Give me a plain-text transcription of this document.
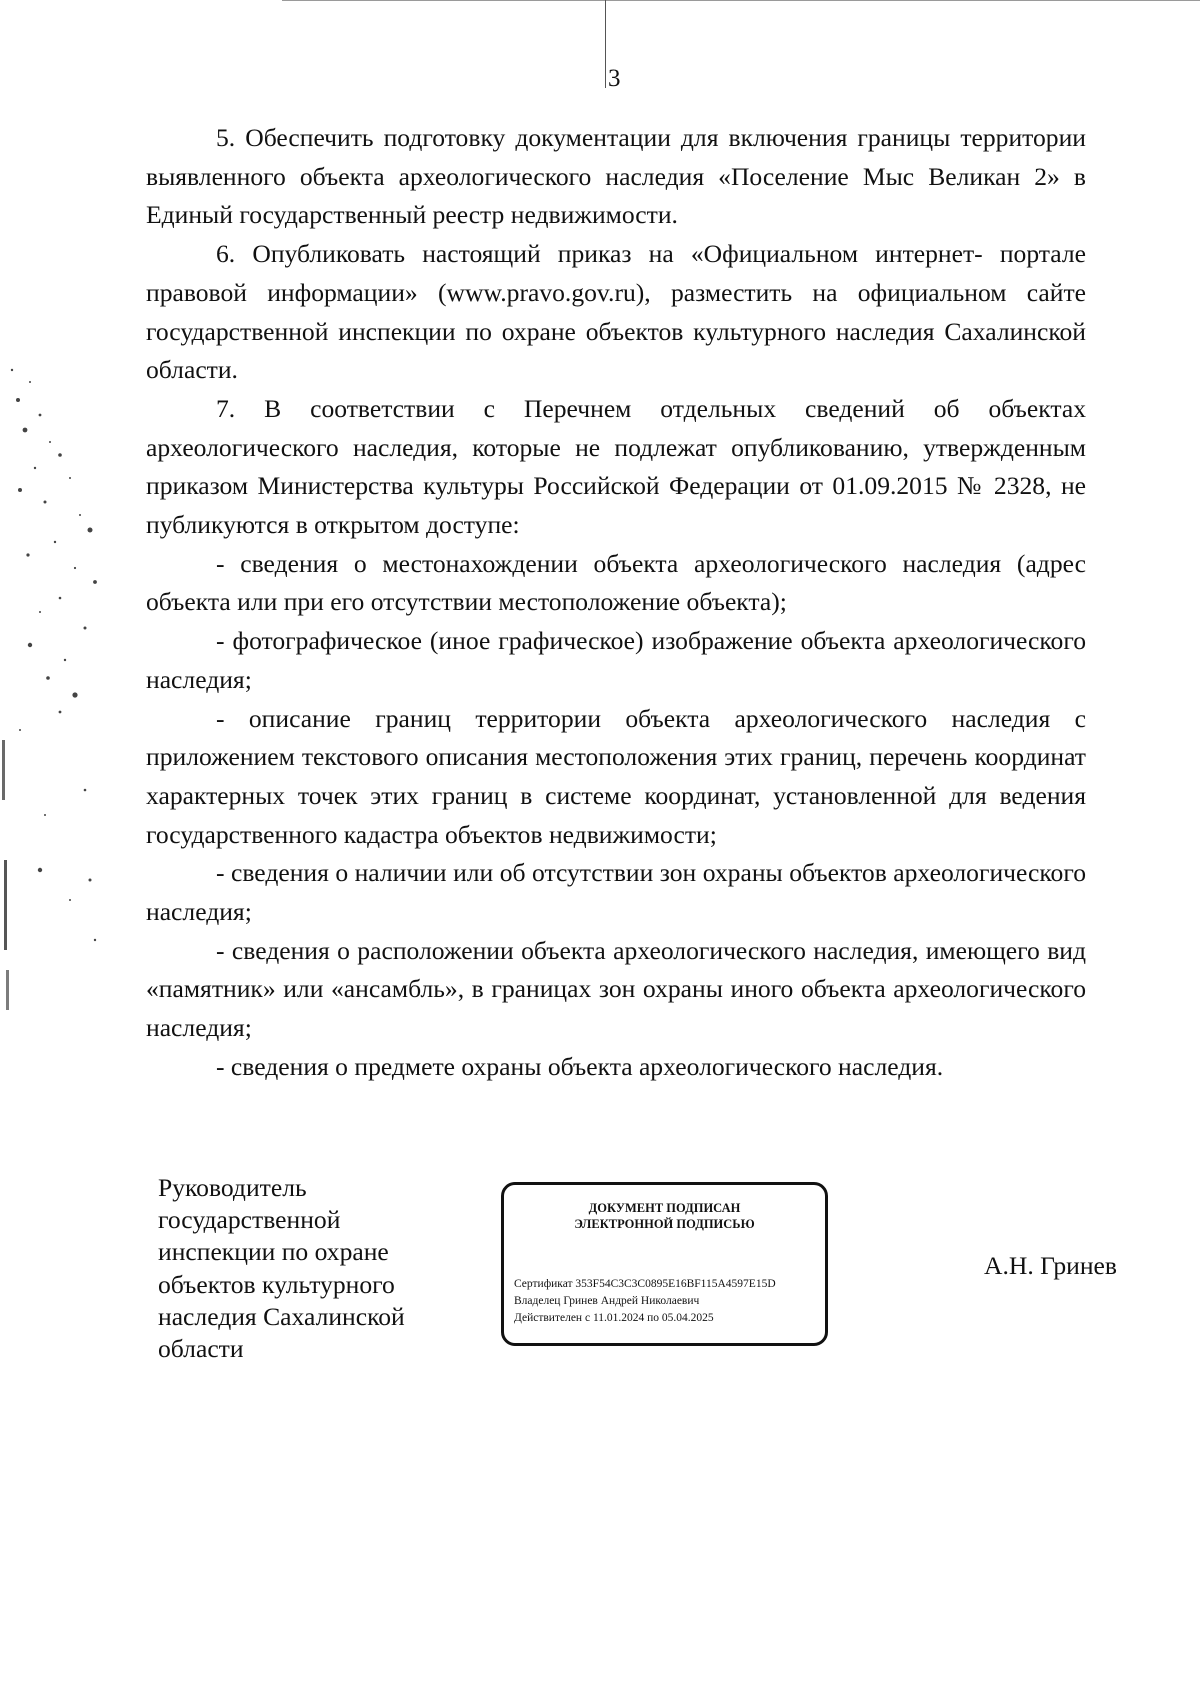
3

5. Обеспечить подготовку документации для включения границы территории выявленного объекта археологического наследия «Поселение Мыс Великан 2» в Единый государственный реестр недвижимости.

6. Опубликовать настоящий приказ на «Официальном интернет- портале правовой информации» (www.pravo.gov.ru), разместить на официальном сайте государственной инспекции по охране объектов культурного наследия Сахалинской области.

7. В соответствии с Перечнем отдельных сведений об объектах археологического наследия, которые не подлежат опубликованию, утвержденным приказом Министерства культуры Российской Федерации от 01.09.2015 № 2328, не публикуются в открытом доступе:

- сведения о местонахождении объекта археологического наследия (адрес объекта или при его отсутствии местоположение объекта);

- фотографическое (иное графическое) изображение объекта археологического наследия;

- описание границ территории объекта археологического наследия с приложением текстового описания местоположения этих границ, перечень координат характерных точек этих границ в системе координат, установленной для ведения государственного кадастра объектов недвижимости;

- сведения о наличии или об отсутствии зон охраны объектов археологического наследия;

- сведения о расположении объекта археологического наследия, имеющего вид «памятник» или «ансамбль», в границах зон охраны иного объекта археологического наследия;

- сведения о предмете охраны объекта археологического наследия.

Руководитель
государственной
инспекции по охране
объектов культурного
наследия Сахалинской
области
ДОКУМЕНТ ПОДПИСАН
ЭЛЕКТРОННОЙ ПОДПИСЬЮ
Сертификат 353F54C3C3C0895E16BF115A4597E15D
Владелец Гринев Андрей Николаевич
Действителен с 11.01.2024 по 05.04.2025
А.Н. Гринев
